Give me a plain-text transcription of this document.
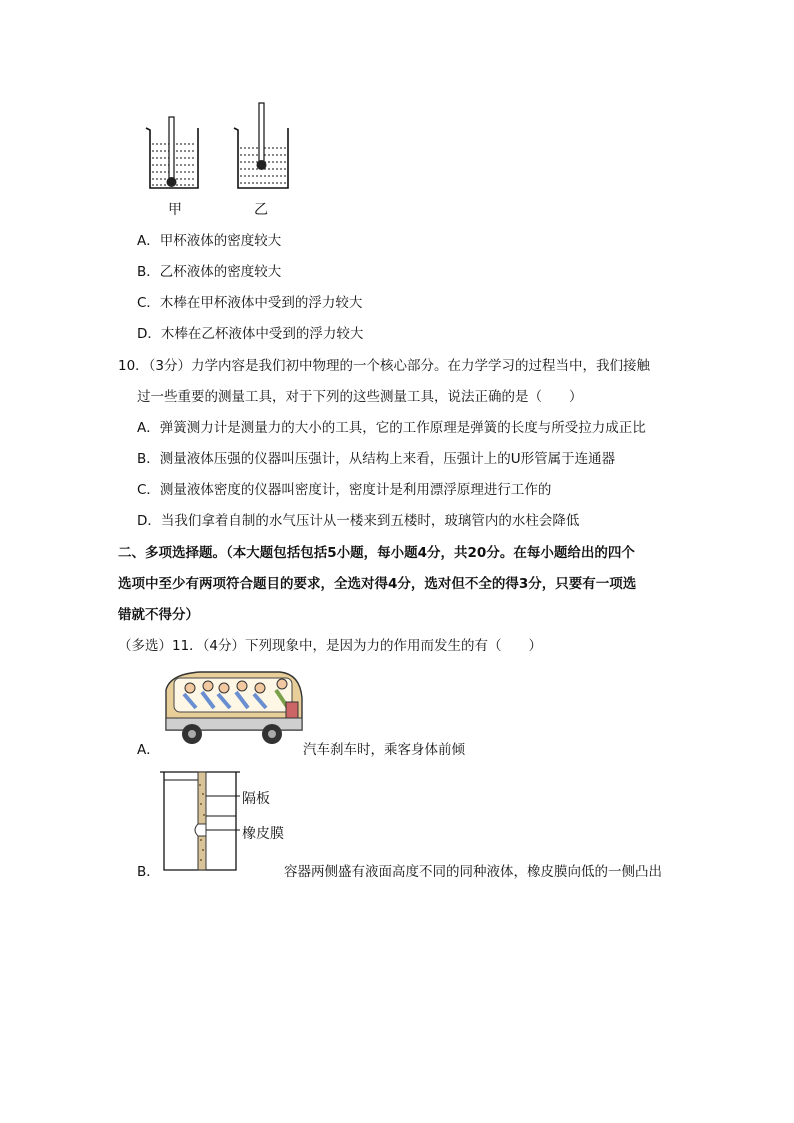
甲	乙
A．甲杯液体的密度较大
B．乙杯液体的密度较大
C．木棒在甲杯液体中受到的浮力较大
D．木棒在乙杯液体中受到的浮力较大
10．（3分）力学内容是我们初中物理的一个核心部分。在力学学习的过程当中，我们接触
过一些重要的测量工具，对于下列的这些测量工具，说法正确的是（　　）
A．弹簧测力计是测量力的大小的工具，它的工作原理是弹簧的长度与所受拉力成正比
B．测量液体压强的仪器叫压强计，从结构上来看，压强计上的U形管属于连通器
C．测量液体密度的仪器叫密度计，密度计是利用漂浮原理进行工作的
D．当我们拿着自制的水气压计从一楼来到五楼时，玻璃管内的水柱会降低
二、多项选择题。（本大题包括包括5小题，每小题4分，共20分。在每小题给出的四个
选项中至少有两项符合题目的要求，全选对得4分，选对但不全的得3分，只要有一项选
错就不得分）
（多选）11．（4分）下列现象中，是因为力的作用而发生的有（　　）
A．	汽车刹车时，乘客身体前倾
隔板
橡皮膜
B．	容器两侧盛有液面高度不同的同种液体，橡皮膜向低的一侧凸出
